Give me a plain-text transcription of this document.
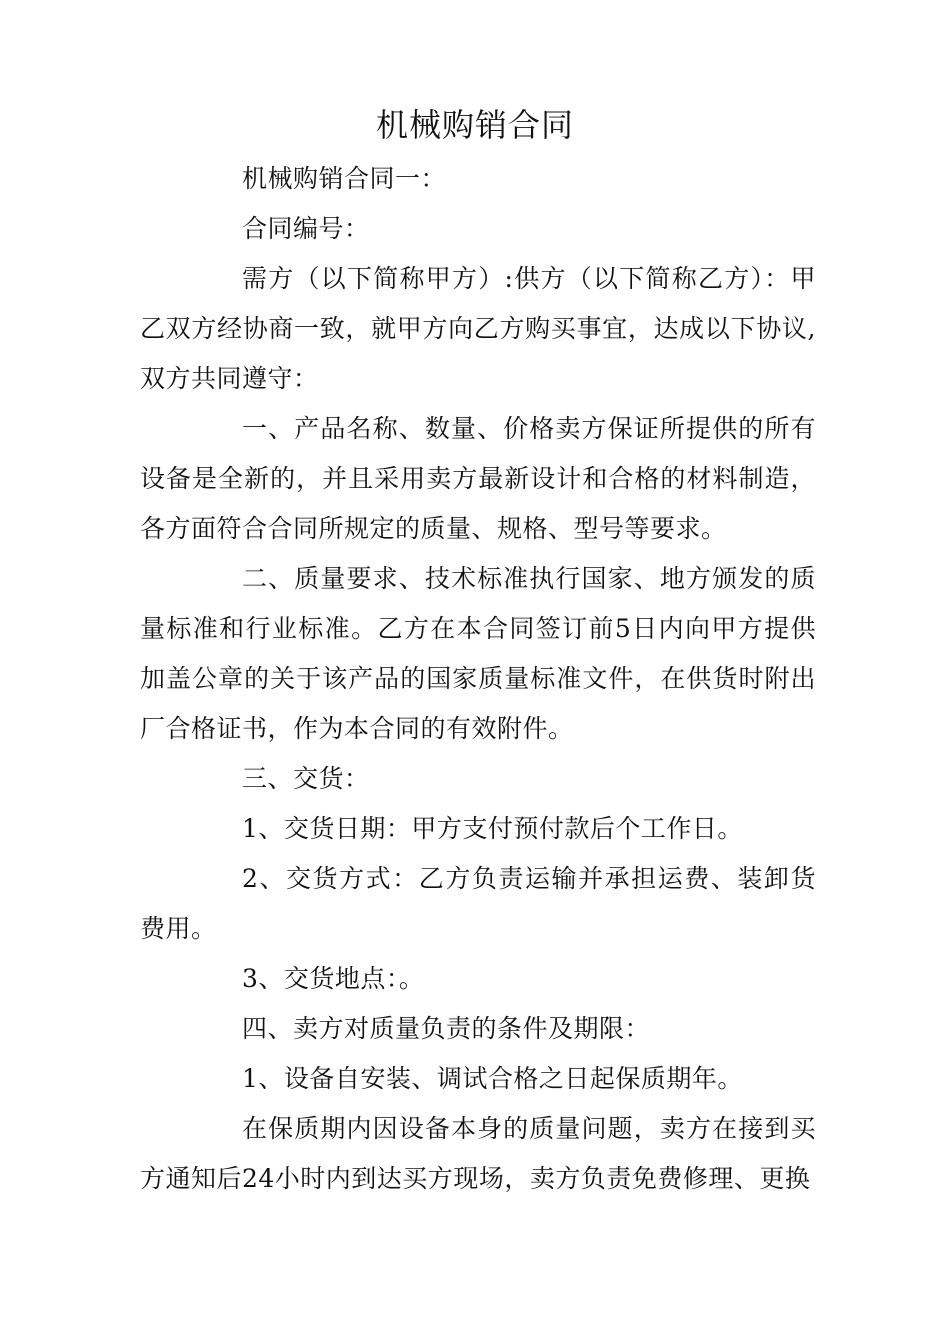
机械购销合同

机械购销合同一：

合同编号：

需方（以下简称甲方）:供方（以下简称乙方）：甲乙双方经协商一致，就甲方向乙方购买事宜，达成以下协议,双方共同遵守：

一、产品名称、数量、价格卖方保证所提供的所有设备是全新的，并且采用卖方最新设计和合格的材料制造，各方面符合合同所规定的质量、规格、型号等要求。

二、质量要求、技术标准执行国家、地方颁发的质量标准和行业标准。乙方在本合同签订前5日内向甲方提供加盖公章的关于该产品的国家质量标准文件，在供货时附出厂合格证书，作为本合同的有效附件。

三、交货：

1、交货日期：甲方支付预付款后个工作日。

2、交货方式：乙方负责运输并承担运费、装卸货费用。

3、交货地点：。

四、卖方对质量负责的条件及期限：

1、设备自安装、调试合格之日起保质期年。

在保质期内因设备本身的质量问题，卖方在接到买方通知后24小时内到达买方现场，卖方负责免费修理、更换
